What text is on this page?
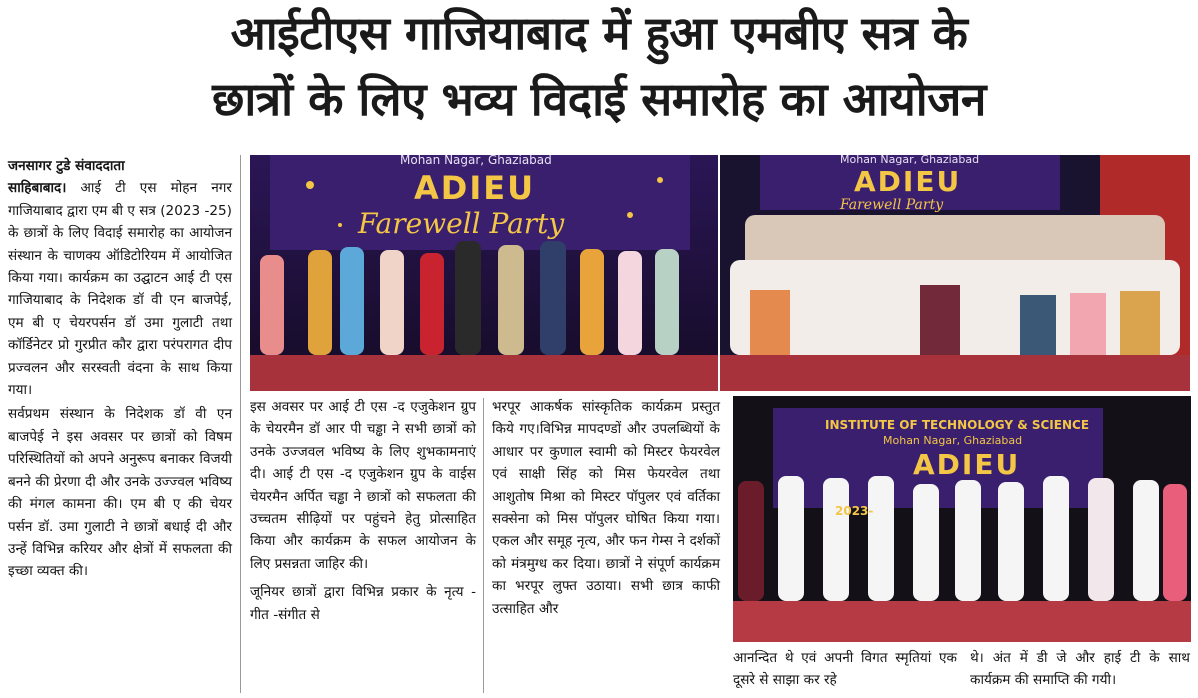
आईटीएस गाजियाबाद में हुआ एमबीए सत्र के
छात्रों के लिए भव्य विदाई समारोह का आयोजन

जनसागर टुडे संवाददाता
साहिबाबाद। आई टी एस मोहन नगर गाजियाबाद द्वारा एम बी ए सत्र (2023 -25) के छात्रों के लिए विदाई समारोह का आयोजन संस्थान के चाणक्य ऑडिटोरियम में आयोजित किया गया। कार्यक्रम का उद्घाटन आई टी एस गाजियाबाद के निदेशक डॉ वी एन बाजपेई, एम बी ए चेयरपर्सन डॉ उमा गुलाटी तथा कॉर्डिनेटर प्रो गुरप्रीत कौर द्वारा परंपरागत दीप प्रज्वलन और सरस्वती वंदना के साथ किया गया।

सर्वप्रथम संस्थान के निदेशक डॉ वी एन बाजपेई ने इस अवसर पर छात्रों को विषम परिस्थितियों को अपने अनुरूप बनाकर विजयी बनने की प्रेरणा दी और उनके उज्ज्वल भविष्य की मंगल कामना की। एम बी ए की चेयर पर्सन डॉ. उमा गुलाटी ने छात्रों बधाई दी और उन्हें विभिन्न करियर और क्षेत्रों में सफलता की इच्छा व्यक्त की।

Mohan Nagar, Ghaziabad
ADIEU
Farewell Party
Mohan Nagar, Ghaziabad
ADIEU
Farewell Party

इस अवसर पर आई टी एस -द एजुकेशन ग्रुप के चेयरमैन डॉ आर पी चड्ढा ने सभी छात्रों को उनके उज्जवल भविष्य के लिए शुभकामनाएं दी। आई टी एस -द एजुकेशन ग्रुप के वाईस चेयरमैन अर्पित चड्ढा ने छात्रों को सफलता की उच्चतम सीढ़ियों पर पहुंचने हेतु प्रोत्साहित किया और कार्यक्रम के सफल आयोजन के लिए प्रसन्नता जाहिर की।

जूनियर छात्रों द्वारा विभिन्न प्रकार के नृत्य - गीत -संगीत से

भरपूर आकर्षक सांस्कृतिक कार्यक्रम प्रस्तुत किये गए।विभिन्न मापदण्डों और उपलब्धियों के आधार पर कुणाल स्वामी को मिस्टर फेयरवेल एवं साक्षी सिंह को मिस फेयरवेल तथा आशुतोष मिश्रा को मिस्टर पॉपुलर एवं वर्तिका सक्सेना को मिस पॉपुलर घोषित किया गया। एकल और समूह नृत्य, और फन गेम्स ने दर्शकों को मंत्रमुग्ध कर दिया। छात्रों ने संपूर्ण कार्यक्रम का भरपूर लुफ्त उठाया। सभी छात्र काफी उत्साहित और

INSTITUTE OF TECHNOLOGY & SCIENCE
Mohan Nagar, Ghaziabad
ADIEU
2023-

आनन्दित थे एवं अपनी विगत स्मृतियां एक दूसरे से साझा कर रहे

थे। अंत में डी जे और हाई टी के साथ कार्यक्रम की समाप्ति की गयी।
